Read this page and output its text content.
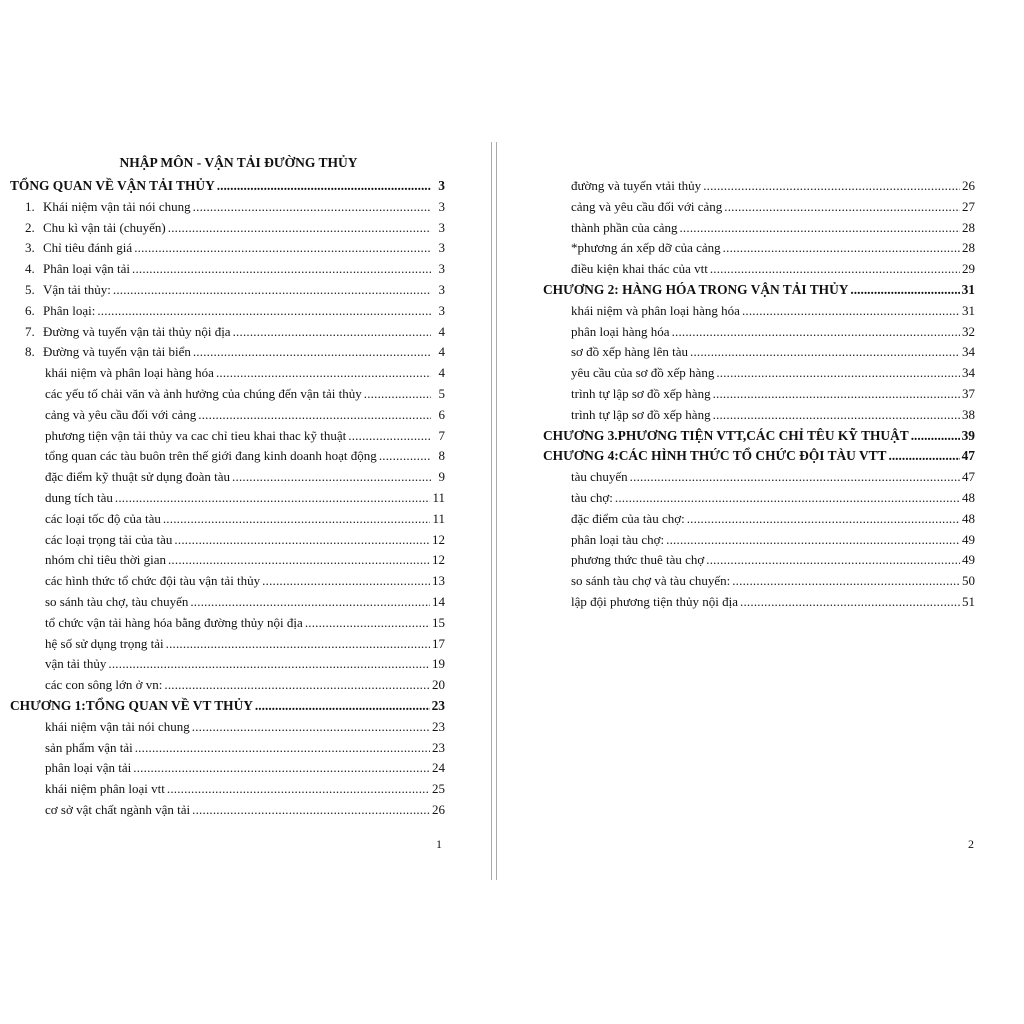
NHẬP MÔN - VẬN TẢI ĐƯỜNG THỦY
TỔNG QUAN VỀ VẬN TẢI THỦY .....	3
1. Khái niệm vận tải nói chung .....	3
2. Chu kì vận tải (chuyến) .....	3
3. Chỉ tiêu đánh giá .....	3
4. Phân loại vận tải .....	3
5. Vận tải thủy: .....	3
6. Phân loại: .....	3
7. Đường và tuyến vận tải thủy nội địa .....	4
8. Đường và tuyến vận tải biển .....	4
khái niệm và phân loại hàng hóa .....	4
các yếu tố chải văn và ảnh hưởng của chúng đến vận tải thủy .....	5
cảng và yêu cầu đối với cảng .....	6
phương tiện vận tải thủy va cac chỉ tieu khai thac kỹ thuật .....	7
tổng quan các tàu buôn trên thế giới đang kinh doanh hoạt động .....	8
đặc điểm kỹ thuật sử dụng đoàn tàu .....	9
dung tích tàu .....	11
các loại tốc độ của tàu .....	11
các loại trọng tải của tàu .....	12
nhóm chỉ tiêu thời gian .....	12
các hình thức tổ chức đội tàu vận tải thủy .....	13
so sánh tàu chợ, tàu chuyến .....	14
tổ chức vận tải hàng hóa bằng đường thủy nội địa .....	15
hệ số sử dụng trọng tải .....	17
vận tải thủy .....	19
các con sông lớn ở vn: .....	20
CHƯƠNG 1:TỔNG QUAN VỀ VT THỦY .....	23
khái niệm vận tải nói chung .....	23
sản phẩm vận tải .....	23
phân loại vận tải .....	24
khái niệm phân loại vtt .....	25
cơ sở vật chất ngành vận tải .....	26
đường và tuyến vtải thủy .....	26
cảng và yêu cầu đối với cảng .....	27
thành phần của cảng .....	28
*phương án xếp dỡ của cảng .....	28
điều kiện khai thác của vtt .....	29
CHƯƠNG 2: HÀNG HÓA TRONG VẬN TẢI THỦY .....	31
khái niệm và phân loại hàng hóa .....	31
phân loại hàng hóa .....	32
sơ đồ xếp hàng lên tàu .....	34
yêu cầu của sơ đồ xếp hàng .....	34
trình tự lập sơ đồ xếp hàng .....	37
trình tự lập sơ đồ xếp hàng .....	38
CHƯƠNG 3.PHƯƠNG TIỆN VTT,CÁC CHỈ TÊU KỸ THUẬT .....	39
CHƯƠNG 4:CÁC HÌNH THỨC TỔ CHỨC ĐỘI TÀU VTT .....	47
tàu chuyến .....	47
tàu chợ: .....	48
đặc điểm của tàu chợ: .....	48
phân loại tàu chợ: .....	49
phương thức thuê tàu chợ .....	49
so sánh tàu chợ và tàu chuyến: .....	50
lập đội phương tiện thủy nội địa .....	51
1	2
